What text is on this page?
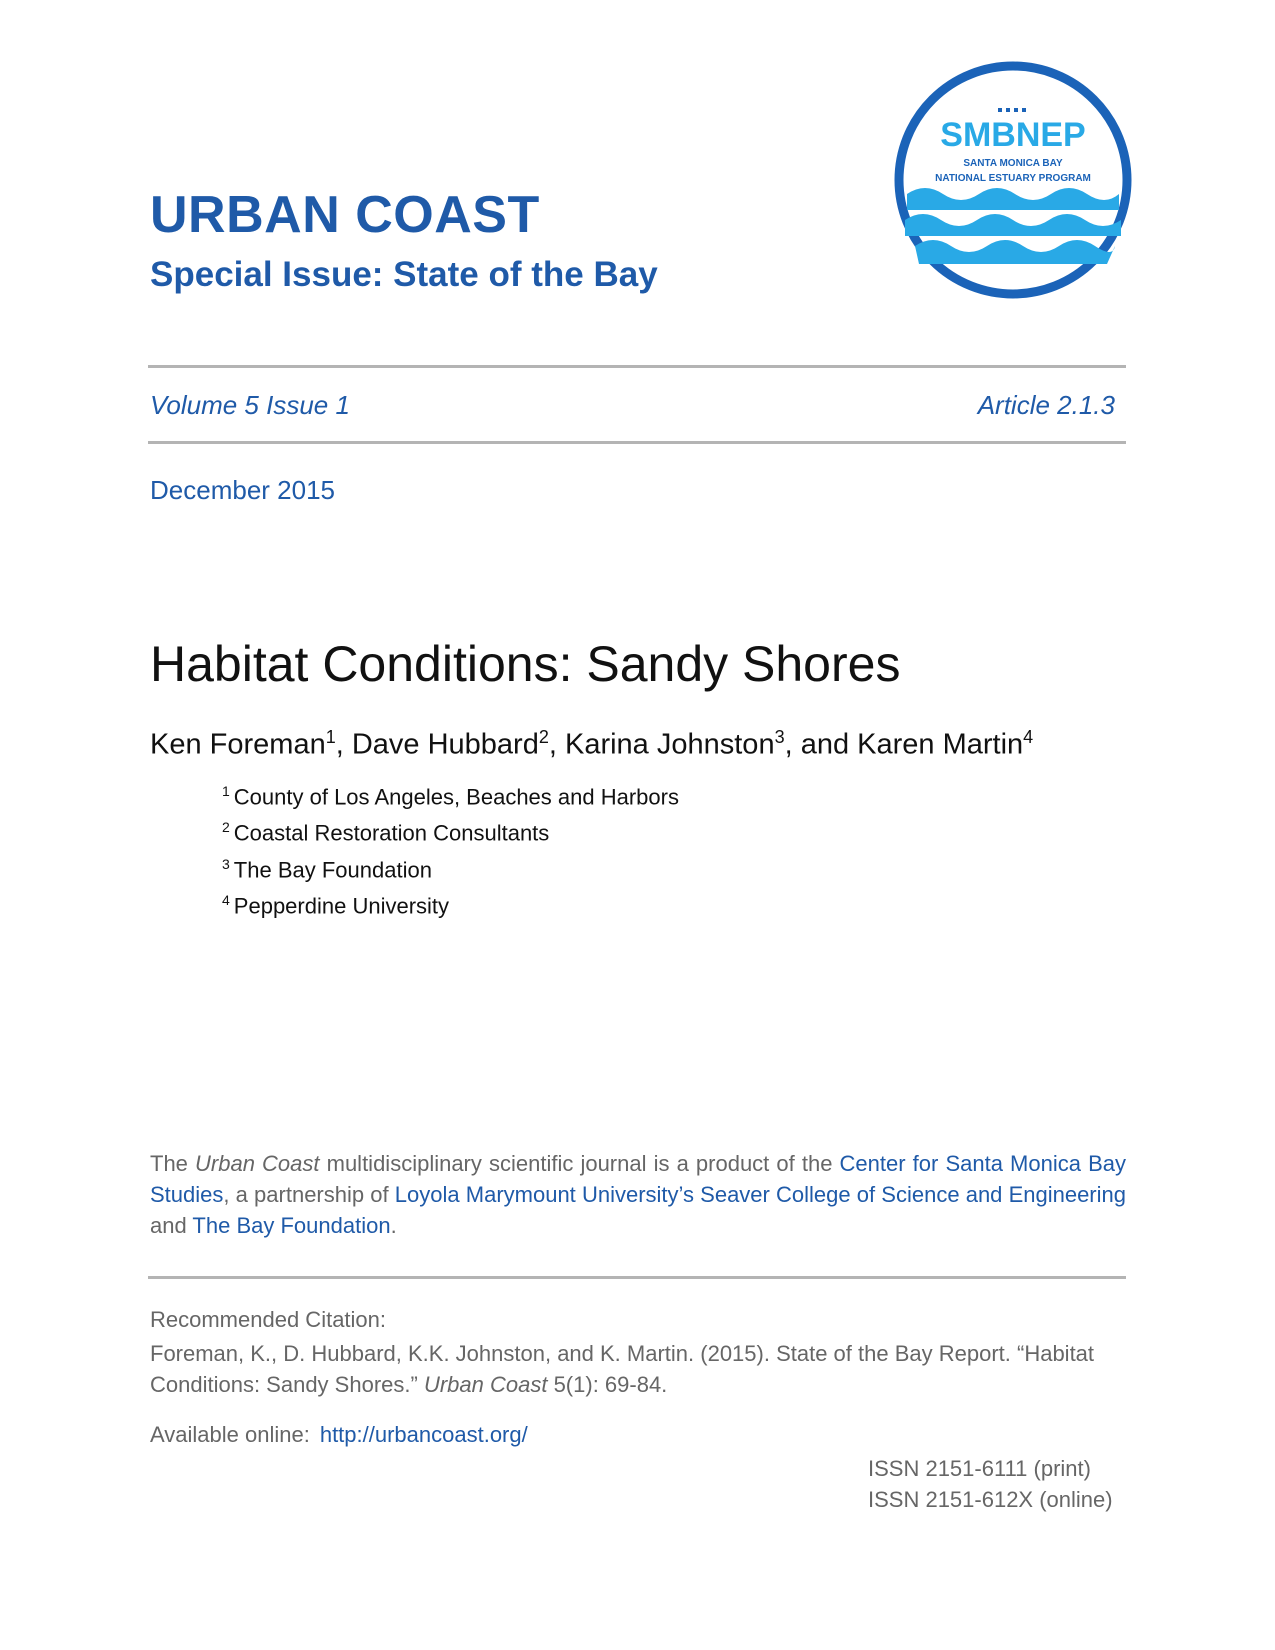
URBAN COAST
Special Issue: State of the Bay
SMBNEP
SANTA MONICA BAY
NATIONAL ESTUARY PROGRAM
Volume 5 Issue 1	Article 2.1.3
December 2015
Habitat Conditions: Sandy Shores
Ken Foreman$^1$, Dave Hubbard$^2$, Karina Johnston$^3$, and Karen Martin$^4$
$^1$ County of Los Angeles, Beaches and Harbors
$^2$ Coastal Restoration Consultants
$^3$ The Bay Foundation
$^4$ Pepperdine University

The Urban Coast multidisciplinary scientific journal is a product of the Center for Santa Monica Bay Studies, a partnership of Loyola Marymount University’s Seaver College of Science and Engineering and The Bay Foundation.

Recommended Citation:

Foreman, K., D. Hubbard, K.K. Johnston, and K. Martin. (2015). State of the Bay Report. “Habitat Conditions: Sandy Shores.” Urban Coast 5(1): 69-84.

Available online: http://urbancoast.org/
ISSN 2151-6111 (print)
ISSN 2151-612X (online)
